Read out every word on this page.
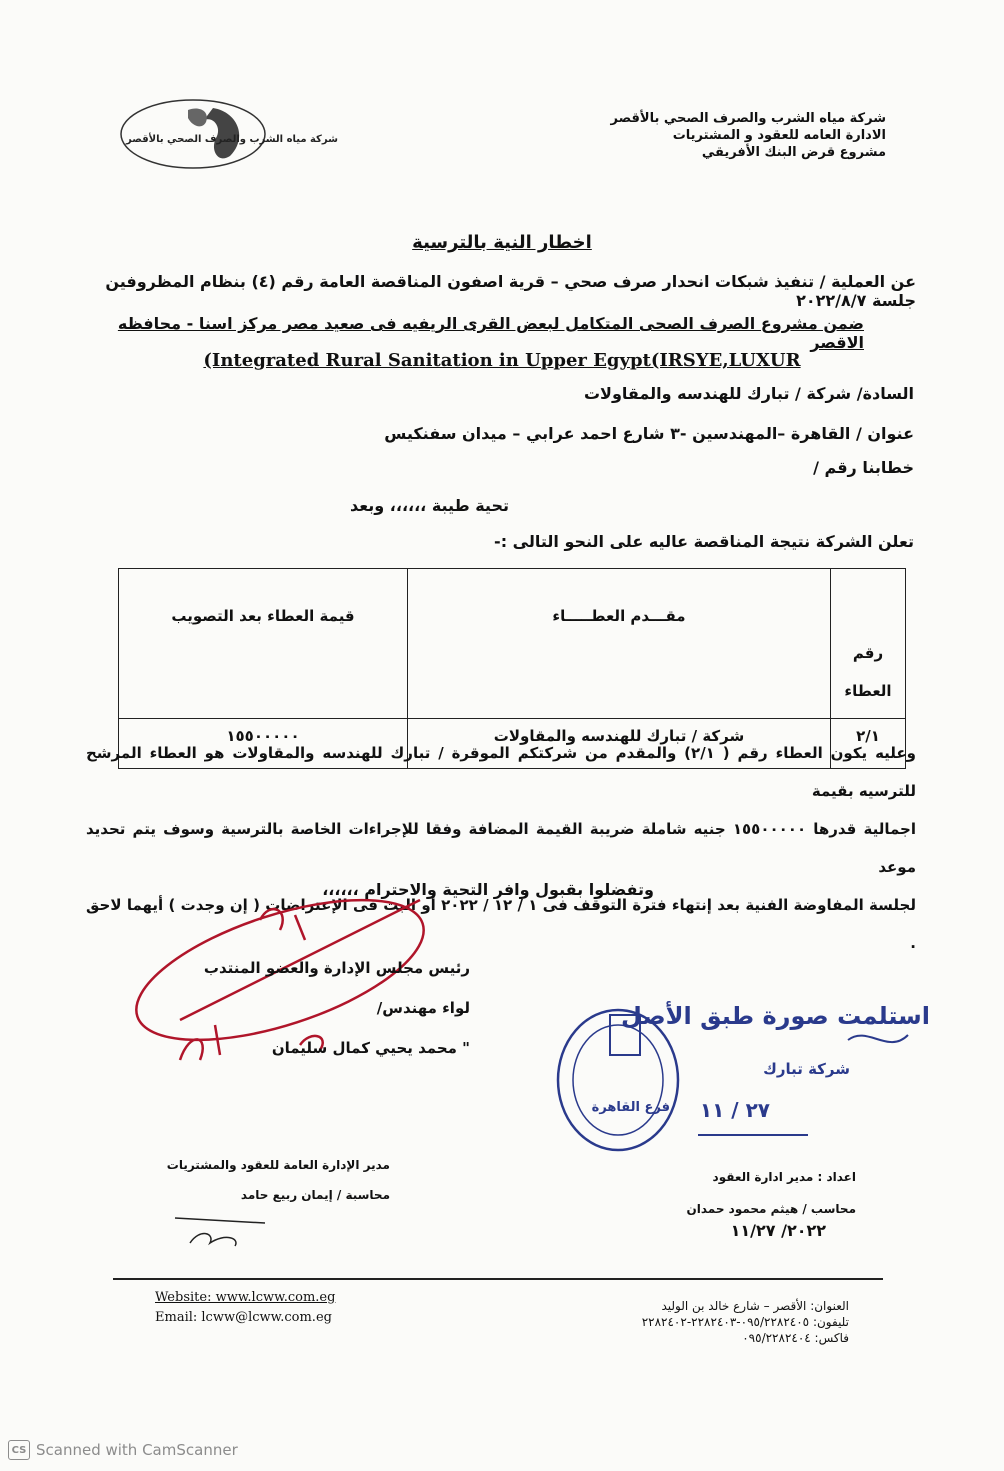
شركة مياه الشرب والصرف الصحي بالأقصر
الادارة العامه للعقود و المشتريات
مشروع قرض البنك الأفريقي
شركة مياه الشرب والصرف الصحي بالأقصر
اخطار النية بالترسية
عن العملية / تنفيذ شبكات انحدار صرف صحي – قرية اصفون المناقصة العامة رقم (٤) بنظام المظروفين جلسة ٢٠٢٢/٨/٧
ضمن مشروع الصرف الصحى المتكامل لبعض القرى الريفيه فى صعيد مصر مركز اسنا - محافظه الاقصر
(Integrated Rural Sanitation in Upper Egypt(IRSYE,LUXUR
السادة/ شركة / تبارك للهندسه والمقاولات
عنوان / القاهرة –المهندسين -٣ شارع احمد عرابي – ميدان سفنكيس
خطابنا رقم /
تحية طيبة ،،،،،، وبعد
تعلن الشركة نتيجة المناقصة عاليه على النحو التالى :-
رقم العطاء	مقـــدم العطـــــاء	قيمة العطاء بعد التصويب
٢/١	شركة / تبارك للهندسه والمقاولات	١٥٥٠٠٠٠٠
وعليه يكون العطاء رقم ( ٢/١) والمقدم من شركتكم الموقرة / تبارك للهندسه والمقاولات هو العطاء المرشح للترسيه بقيمة
اجمالية قدرها ١٥٥٠٠٠٠٠ جنيه شاملة ضريبة القيمة المضافة وفقا للإجراءات الخاصة بالترسية وسوف يتم تحديد موعد
لجلسة المفاوضة الفنية بعد إنتهاء فترة التوقف فى ١ / ١٢ / ٢٠٢٢ أو البت فى الإعتراضات ( إن وجدت ) أيهما لاحق .
وتفضلوا بقبول وافر التحية والاحترام ،،،،،،
رئيس مجلس الإدارة والعضو المنتدب
لواء مهندس/
" محمد يحيي كمال سليمان
استلمت صورة طبق الأصل
شركة تبارك
٢٧ / ١١
فرع القاهرة
مدير الإدارة العامة للعقود والمشتريات
محاسبة / إيمان ربيع حامد
اعداد : مدير ادارة العقود
محاسب / هيثم محمود حمدان
٢٠٢٢/ ١١/٢٧
Website: www.lcww.com.eg
Email: lcww@lcww.com.eg
العنوان: الأقصر – شارع خالد بن الوليد
تليفون: ٠٩٥/٢٢٨٢٤٠٥-٢٢٨٢٤٠٣-٢٢٨٢٤٠٢
فاكس: ٠٩٥/٢٢٨٢٤٠٤
CS Scanned with CamScanner
